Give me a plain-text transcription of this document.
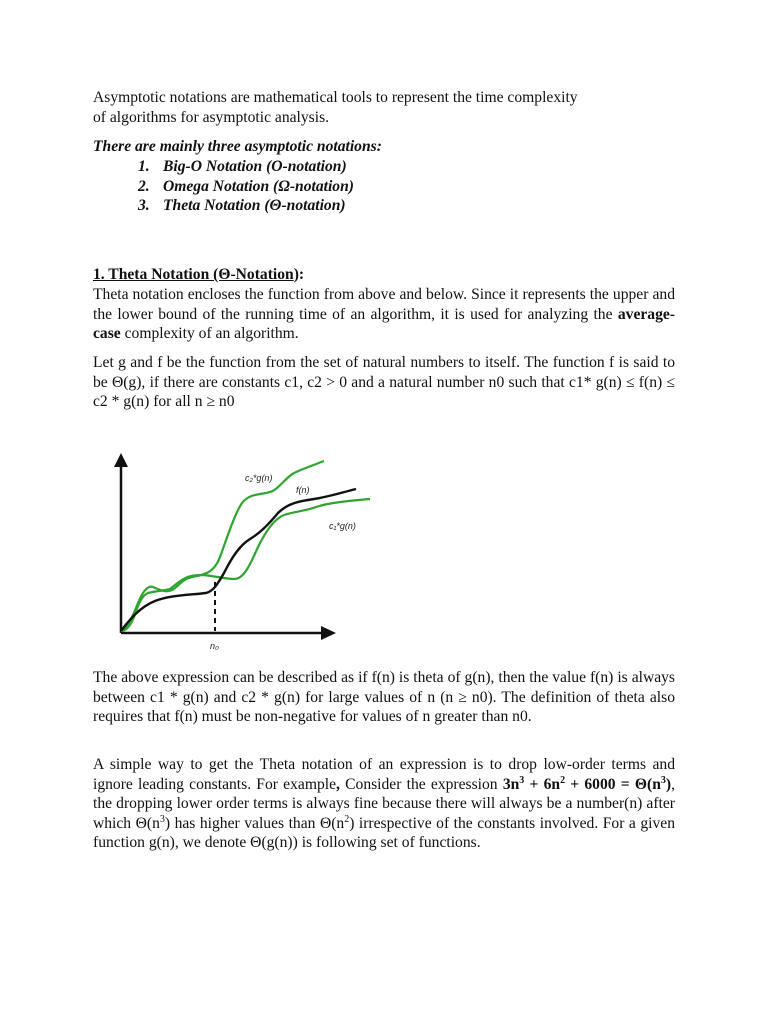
Asymptotic notations are mathematical tools to represent the time complexity
of algorithms for asymptotic analysis.

There are mainly three asymptotic notations:

1. Big-O Notation (O-notation)
2. Omega Notation (Ω-notation)
3. Theta Notation (Θ-notation)

1. Theta Notation (Θ-Notation):

Theta notation encloses the function from above and below. Since it represents the upper and the lower bound of the running time of an algorithm, it is used for analyzing the average-case complexity of an algorithm.

Let g and f be the function from the set of natural numbers to itself. The function f is said to be Θ(g), if there are constants c1, c2 > 0 and a natural number n0 such that c1* g(n) ≤ f(n) ≤ c2 * g(n) for all n ≥ n0

c₂*g(n)
f(n)
c₁*g(n)
n₀

The above expression can be described as if f(n) is theta of g(n), then the value f(n) is always between c1 * g(n) and c2 * g(n) for large values of n (n ≥ n0). The definition of theta also requires that f(n) must be non-negative for values of n greater than n0.

A simple way to get the Theta notation of an expression is to drop low-order terms and ignore leading constants. For example, Consider the expression $3n^3 + 6n^2 + 6000 = \Theta(n^3)$, the dropping lower order terms is always fine because there will always be a number(n) after which $\Theta(n^3)$ has higher values than $\Theta(n^2)$ irrespective of the constants involved. For a given function g(n), we denote Θ(g(n)) is following set of functions.
